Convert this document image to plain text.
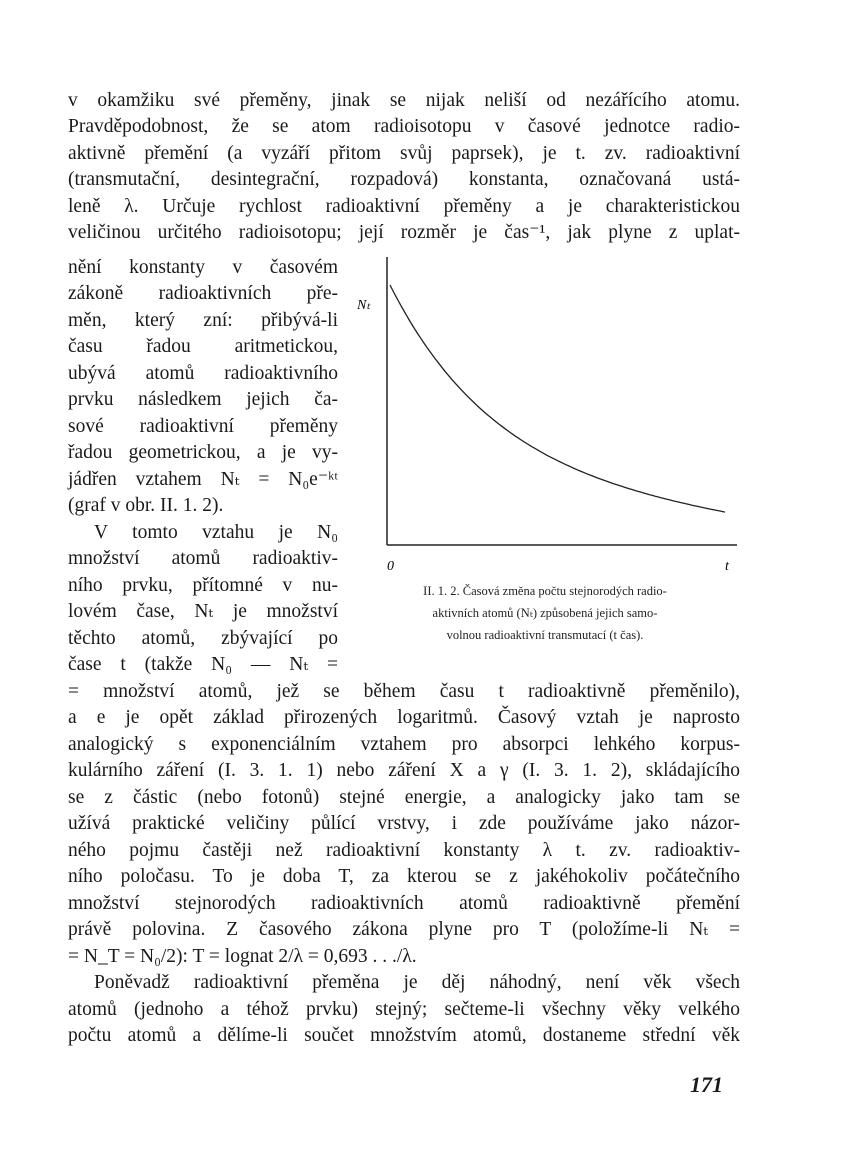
v okamžiku své přeměny, jinak se nijak neliší od nezářícího atomu.
Pravděpodobnost, že se atom radioisotopu v časové jednotce radio-
aktivně přemění (a vyzáří přitom svůj paprsek), je t. zv. radioaktivní
(transmutační, desintegrační, rozpadová) konstanta, označovaná ustá-
leně λ. Určuje rychlost radioaktivní přeměny a je charakteristickou
veličinou určitého radioisotopu; její rozměr je čas⁻¹, jak plyne z uplat-
nění konstanty v časovém
zákoně radioaktivních pře-
měn, který zní: přibývá-li
času řadou aritmetickou,
ubývá atomů radioaktivního
prvku následkem jejich ča-
sové radioaktivní přeměny
řadou geometrickou, a je vy-
jádřen vztahem Nₜ = N₀e⁻ᵏᵗ
(graf v obr. II. 1. 2).
V tomto vztahu je N₀
množství atomů radioaktiv-
ního prvku, přítomné v nu-
lovém čase, Nₜ je množství
těchto atomů, zbývající po
čase t (takže N₀ — Nₜ =
Nₜ
0	t
II. 1. 2. Časová změna počtu stejnorodých radio-
aktivních atomů (Nₜ) způsobená jejich samo-
volnou radioaktivní transmutací (t čas).
= množství atomů, jež se během času t radioaktivně přeměnilo),
a e je opět základ přirozených logaritmů. Časový vztah je naprosto
analogický s exponenciálním vztahem pro absorpci lehkého korpus-
kulárního záření (I. 3. 1. 1) nebo záření X a γ (I. 3. 1. 2), skládajícího
se z částic (nebo fotonů) stejné energie, a analogicky jako tam se
užívá praktické veličiny půlící vrstvy, i zde používáme jako názor-
ného pojmu častěji než radioaktivní konstanty λ t. zv. radioaktiv-
ního poločasu. To je doba T, za kterou se z jakéhokoliv počátečního
množství stejnorodých radioaktivních atomů radioaktivně přemění
právě polovina. Z časového zákona plyne pro T (položíme-li Nₜ =
= N_T = N₀/2): T = lognat 2/λ = 0,693 . . ./λ.
Poněvadž radioaktivní přeměna je děj náhodný, není věk všech
atomů (jednoho a téhož prvku) stejný; sečteme-li všechny věky velkého
počtu atomů a dělíme-li součet množstvím atomů, dostaneme střední věk
171
